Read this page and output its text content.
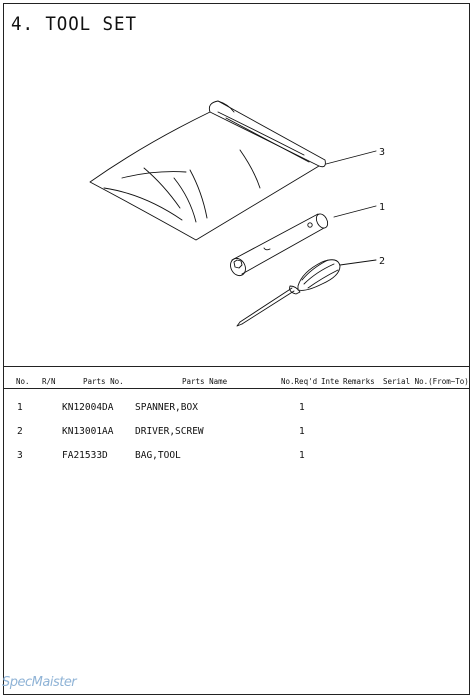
4. TOOL SET
3
1
2
No. R/N	Parts No.	Parts Name	No.Req'd Inte Remarks Serial No.(From~To)
1	KN12004DA SPANNER,BOX	1
2	KN13001AA DRIVER,SCREW	1
3	FA21533D	BAG,TOOL	1
SpecMaister
